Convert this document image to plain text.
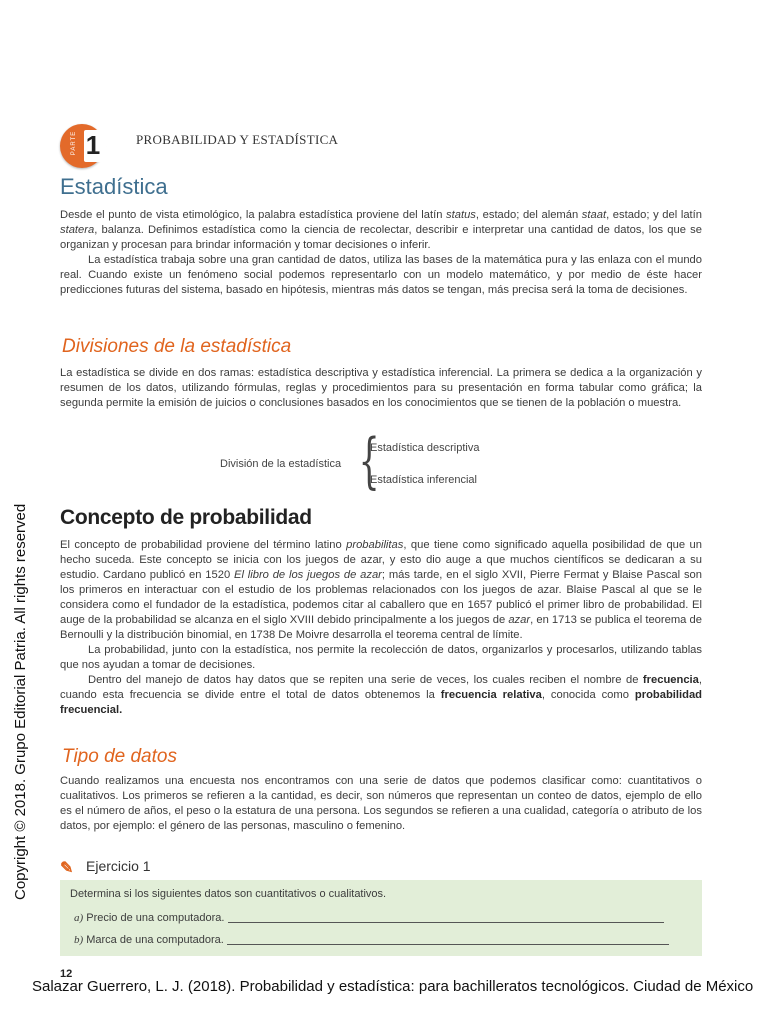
Copyright © 2018. Grupo Editorial Patria. All rights reserved
PARTE 1	PROBABILIDAD Y ESTADÍSTICA
Estadística

Desde el punto de vista etimológico, la palabra estadística proviene del latín status, estado; del alemán staat, estado; y del latín statera, balanza. Definimos estadística como la ciencia de recolectar, describir e interpretar una cantidad de datos, los que se organizan y procesan para brindar información y tomar decisiones o inferir.

La estadística trabaja sobre una gran cantidad de datos, utiliza las bases de la matemática pura y las enlaza con el mundo real. Cuando existe un fenómeno social podemos representarlo con un modelo matemático, y por medio de éste hacer predicciones futuras del sistema, basado en hipótesis, mientras más datos se tengan, más precisa será la toma de decisiones.

Divisiones de la estadística

La estadística se divide en dos ramas: estadística descriptiva y estadística inferencial. La primera se dedica a la organización y resumen de los datos, utilizando fórmulas, reglas y procedimientos para su presentación en forma tabular como gráfica; la segunda permite la emisión de juicios o conclusiones basados en los conocimientos que se tienen de la población o muestra.

División de la estadística {
Estadística descriptiva
Estadística inferencial
Concepto de probabilidad

El concepto de probabilidad proviene del término latino probabilitas, que tiene como significado aquella posibilidad de que un hecho suceda. Este concepto se inicia con los juegos de azar, y esto dio auge a que muchos científicos se dedicaran a su estudio. Cardano publicó en 1520 El libro de los juegos de azar; más tarde, en el siglo XVII, Pierre Fermat y Blaise Pascal son los primeros en interactuar con el estudio de los problemas relacionados con los juegos de azar. Blaise Pascal al que se le considera como el fundador de la estadística, podemos citar al caballero que en 1657 publicó el primer libro de probabilidad. El auge de la probabilidad se alcanza en el siglo XVIII debido principalmente a los juegos de azar, en 1713 se publica el teorema de Bernoulli y la distribución binomial, en 1738 De Moivre desarrolla el teorema central de límite.

La probabilidad, junto con la estadística, nos permite la recolección de datos, organizarlos y procesarlos, utilizando tablas que nos ayudan a tomar de decisiones.

Dentro del manejo de datos hay datos que se repiten una serie de veces, los cuales reciben el nombre de frecuencia, cuando esta frecuencia se divide entre el total de datos obtenemos la frecuencia relativa, conocida como probabilidad frecuencial.

Tipo de datos

Cuando realizamos una encuesta nos encontramos con una serie de datos que podemos clasificar como: cuantitativos o cualitativos. Los primeros se refieren a la cantidad, es decir, son números que representan un conteo de datos, ejemplo de ello es el número de años, el peso o la estatura de una persona. Los segundos se refieren a una cualidad, categoría o atributo de los datos, por ejemplo: el género de las personas, masculino o femenino.

✎ Ejercicio 1
Determina si los siguientes datos son cuantitativos o cualitativos.
a) Precio de una computadora.
b) Marca de una computadora.
12
Salazar Guerrero, L. J. (2018). Probabilidad y estadística: para bachilleratos tecnológicos. Ciudad de México
